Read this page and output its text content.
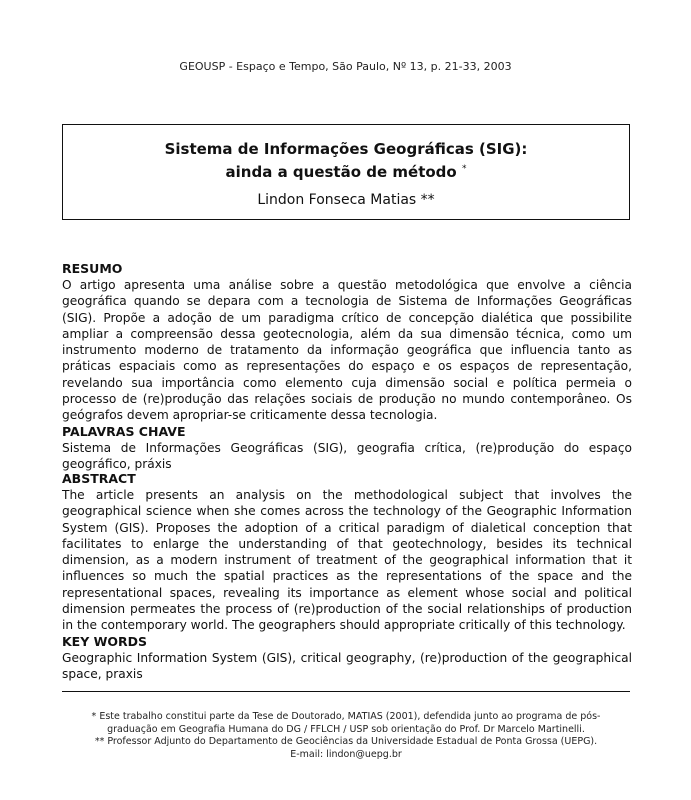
GEOUSP - Espaço e Tempo, São Paulo, Nº 13, p. 21-33, 2003
Sistema de Informações Geográficas (SIG):
ainda a questão de método *
Lindon Fonseca Matias **
RESUMO
O artigo apresenta uma análise sobre a questão metodológica que envolve a ciência geográfica quando se depara com a tecnologia de Sistema de Informações Geográficas (SIG). Propõe a adoção de um paradigma crítico de concepção dialética que possibilite ampliar a compreensão dessa geotecnologia, além da sua dimensão técnica, como um instrumento moderno de tratamento da informação geográfica que influencia tanto as práticas espaciais como as representações do espaço e os espaços de representação, revelando sua importância como elemento cuja dimensão social e política permeia o processo de (re)produção das relações sociais de produção no mundo contemporâneo. Os geógrafos devem apropriar-se criticamente dessa tecnologia.
PALAVRAS CHAVE
Sistema de Informações Geográficas (SIG), geografia crítica, (re)produção do espaço geográfico, práxis
ABSTRACT
The article presents an analysis on the methodological subject that involves the geographical science when she comes across the technology of the Geographic Information System (GIS). Proposes the adoption of a critical paradigm of dialetical conception that facilitates to enlarge the understanding of that geotechnology, besides its technical dimension, as a modern instrument of treatment of the geographical information that it influences so much the spatial practices as the representations of the space and the representational spaces, revealing its importance as element whose social and political dimension permeates the process of (re)production of the social relationships of production in the contemporary world. The geographers should appropriate critically of this technology.
KEY WORDS
Geographic Information System (GIS), critical geography, (re)production of the geographical space, praxis
* Este trabalho constitui parte da Tese de Doutorado, MATIAS (2001), defendida junto ao programa de pós-
graduação em Geografia Humana do DG / FFLCH / USP sob orientação do Prof. Dr Marcelo Martinelli.
** Professor Adjunto do Departamento de Geociências da Universidade Estadual de Ponta Grossa (UEPG).
E-mail: lindon@uepg.br
